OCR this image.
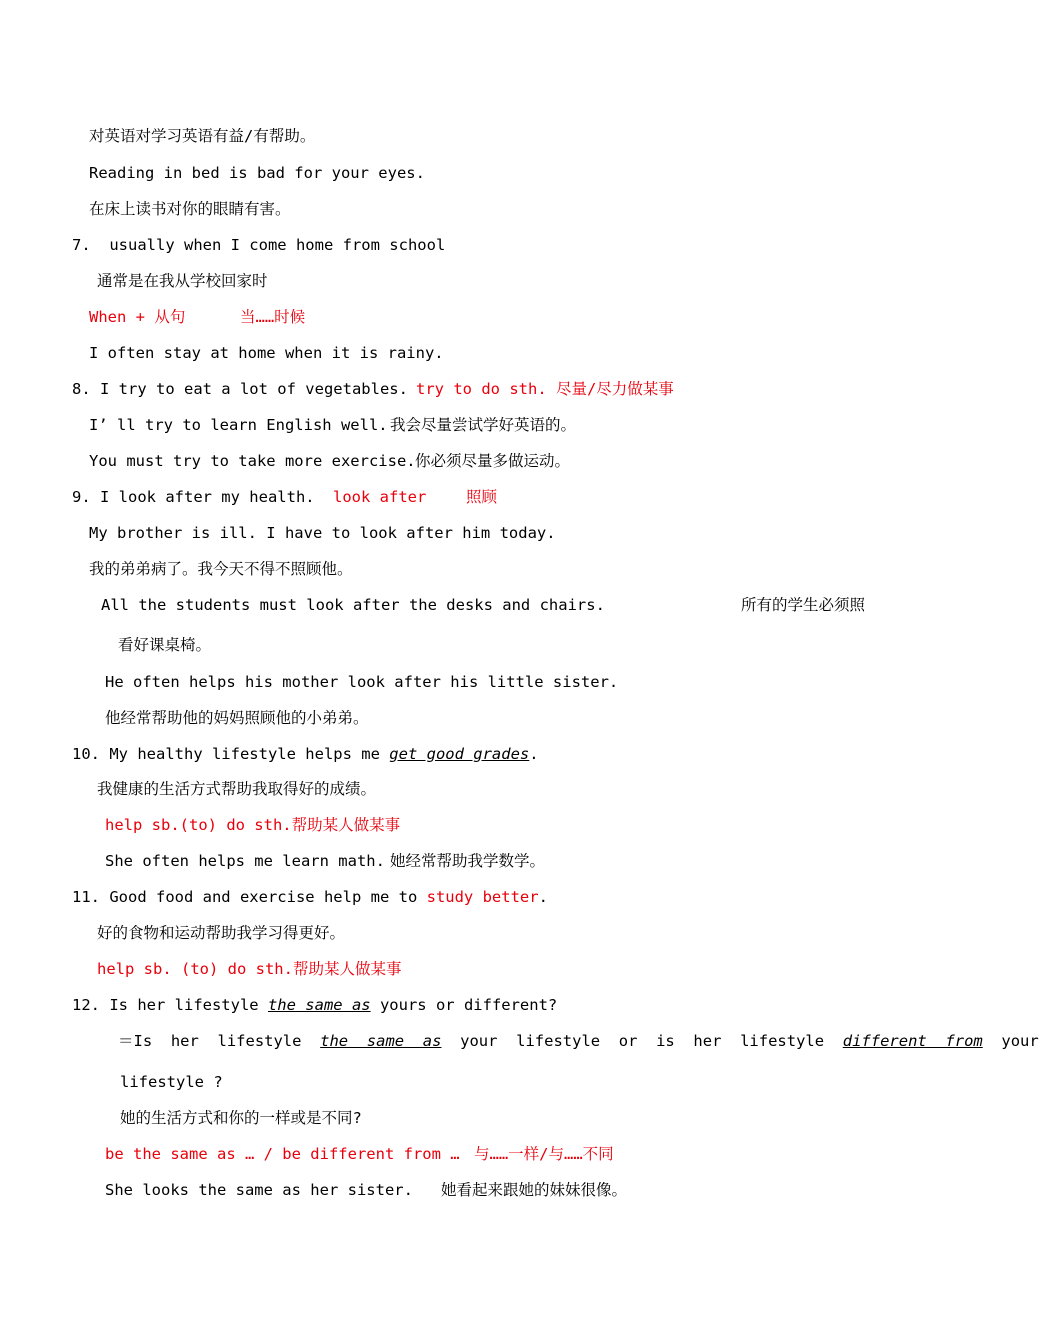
对英语对学习英语有益/有帮助。
Reading in bed is bad for your eyes.
在床上读书对你的眼睛有害。
7.  usually when I come home from school
通常是在我从学校回家时
When + 从句	当……时候
I often stay at home when it is rainy.
8. I try to eat a lot of vegetables. try to do sth. 尽量/尽力做某事
I’ ll try to learn English well. 我会尽量尝试学好英语的。
You must try to take more exercise. 你必须尽量多做运动。
9. I look after my health. look after	照顾
My brother is ill. I have to look after him today.
我的弟弟病了。我今天不得不照顾他。
All the students must look after the desks and chairs.	所有的学生必须照
看好课桌椅。
He often helps his mother look after his little sister.
他经常帮助他的妈妈照顾他的小弟弟。
10. My healthy lifestyle helps me get good grades.
我健康的生活方式帮助我取得好的成绩。
help sb.(to) do sth.帮助某人做某事
She often helps me learn math. 她经常帮助我学数学。
11. Good food and exercise help me to study better.
好的食物和运动帮助我学习得更好。
help sb. (to) do sth.帮助某人做某事
12. Is her lifestyle the same as yours or different?
＝Is  her  lifestyle  the  same  as  your  lifestyle  or  is  her  lifestyle  different  from  your
lifestyle ?
她的生活方式和你的一样或是不同?
be the same as … / be different from … 与……一样/与……不同
She looks the same as her sister. 她看起来跟她的妹妹很像。
